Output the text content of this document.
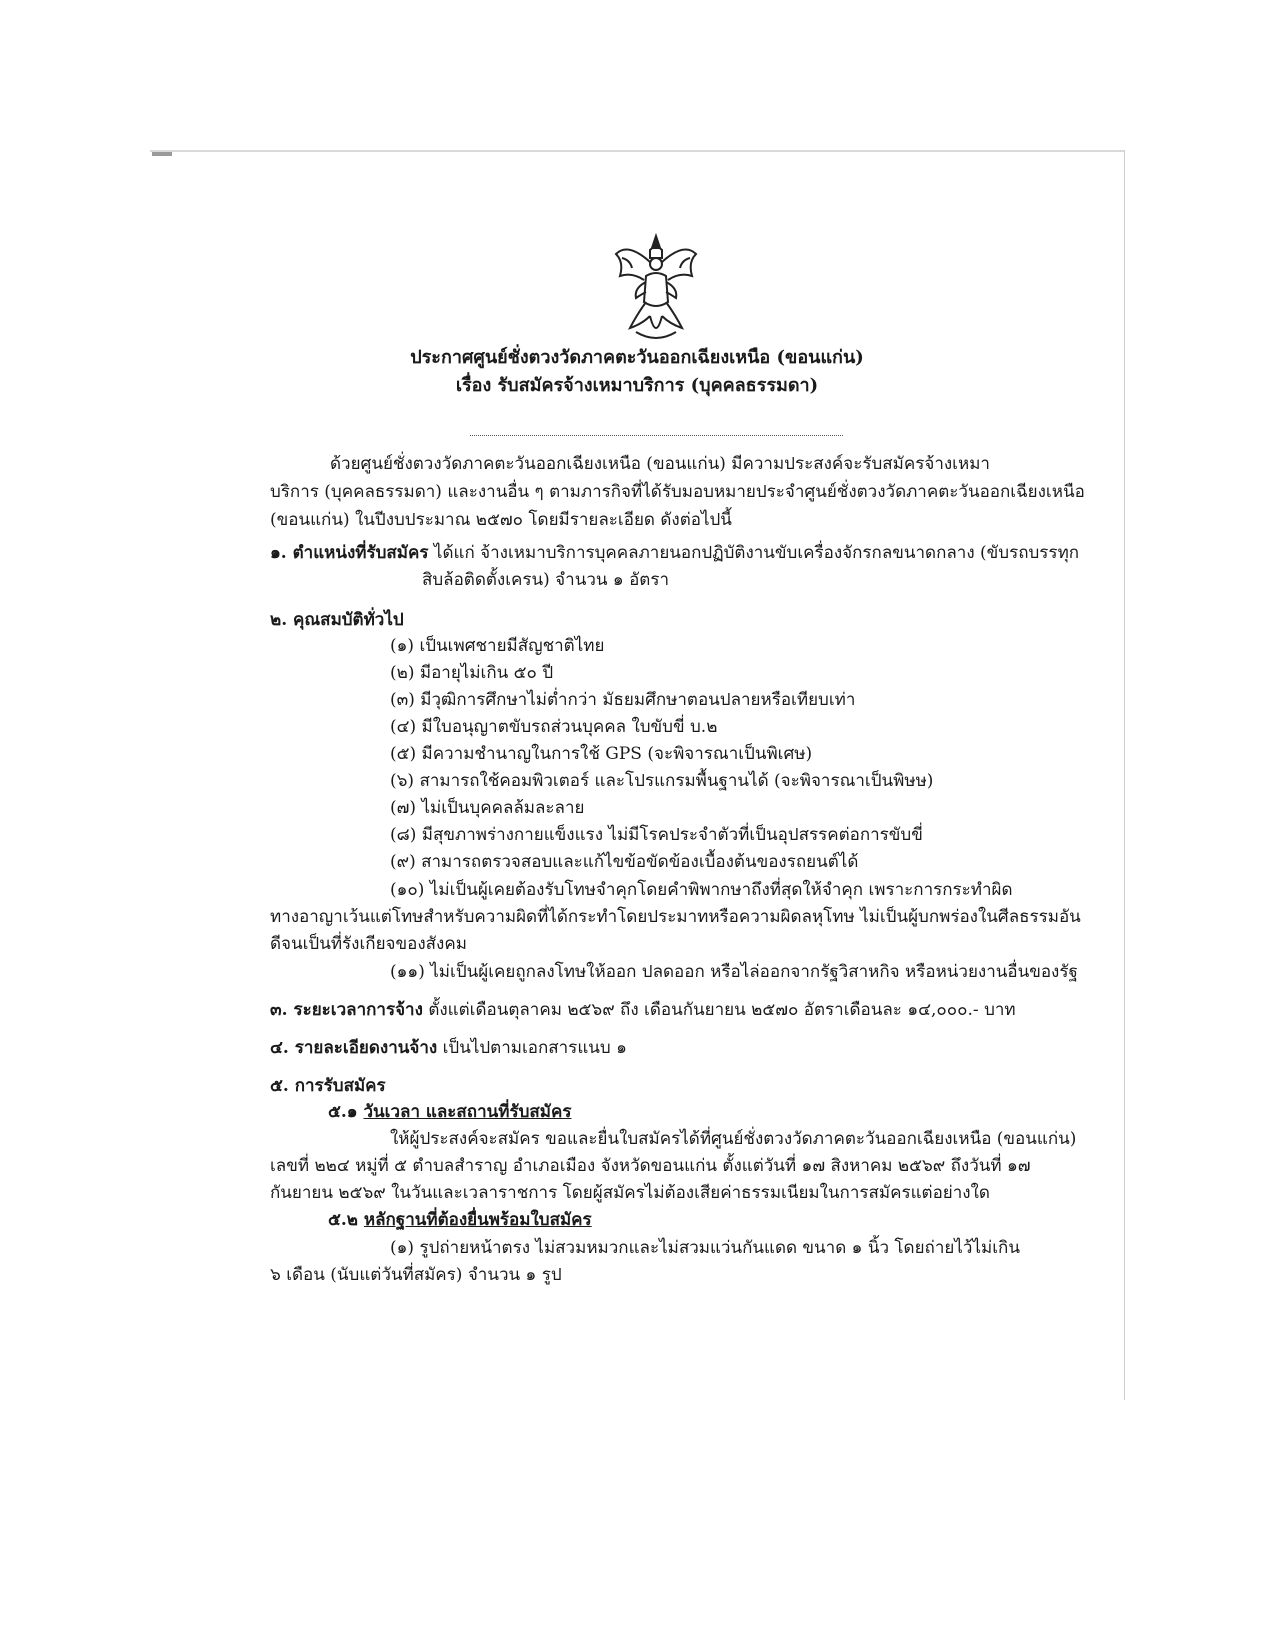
ประกาศศูนย์ชั่งตวงวัดภาคตะวันออกเฉียงเหนือ (ขอนแก่น)
เรื่อง รับสมัครจ้างเหมาบริการ (บุคคลธรรมดา)
ด้วยศูนย์ชั่งตวงวัดภาคตะวันออกเฉียงเหนือ (ขอนแก่น) มีความประสงค์จะรับสมัครจ้างเหมา
บริการ (บุคคลธรรมดา) และงานอื่น ๆ ตามภารกิจที่ได้รับมอบหมายประจำศูนย์ชั่งตวงวัดภาคตะวันออกเฉียงเหนือ
(ขอนแก่น) ในปีงบประมาณ ๒๕๗๐ โดยมีรายละเอียด ดังต่อไปนี้
๑. ตำแหน่งที่รับสมัคร ได้แก่ จ้างเหมาบริการบุคคลภายนอกปฏิบัติงานขับเครื่องจักรกลขนาดกลาง (ขับรถบรรทุก
สิบล้อติดตั้งเครน) จำนวน ๑ อัตรา
๒. คุณสมบัติทั่วไป
(๑) เป็นเพศชายมีสัญชาติไทย
(๒) มีอายุไม่เกิน ๕๐ ปี
(๓) มีวุฒิการศึกษาไม่ต่ำกว่า มัธยมศึกษาตอนปลายหรือเทียบเท่า
(๔) มีใบอนุญาตขับรถส่วนบุคคล ใบขับขี่ บ.๒
(๕) มีความชำนาญในการใช้ GPS (จะพิจารณาเป็นพิเศษ)
(๖) สามารถใช้คอมพิวเตอร์ และโปรแกรมพื้นฐานได้ (จะพิจารณาเป็นพิษษ)
(๗) ไม่เป็นบุคคลล้มละลาย
(๘) มีสุขภาพร่างกายแข็งแรง ไม่มีโรคประจำตัวที่เป็นอุปสรรคต่อการขับขี่
(๙) สามารถตรวจสอบและแก้ไขข้อขัดข้องเบื้องต้นของรถยนต์ได้
(๑๐) ไม่เป็นผู้เคยต้องรับโทษจำคุกโดยคำพิพากษาถึงที่สุดให้จำคุก เพราะการกระทำผิด
ทางอาญาเว้นแต่โทษสำหรับความผิดที่ได้กระทำโดยประมาทหรือความผิดลหุโทษ ไม่เป็นผู้บกพร่องในศีลธรรมอัน
ดีจนเป็นที่รังเกียจของสังคม
(๑๑) ไม่เป็นผู้เคยถูกลงโทษให้ออก ปลดออก หรือไล่ออกจากรัฐวิสาหกิจ หรือหน่วยงานอื่นของรัฐ
๓. ระยะเวลาการจ้าง ตั้งแต่เดือนตุลาคม ๒๕๖๙ ถึง เดือนกันยายน ๒๕๗๐ อัตราเดือนละ ๑๔,๐๐๐.- บาท
๔. รายละเอียดงานจ้าง เป็นไปตามเอกสารแนบ ๑
๕. การรับสมัคร
๕.๑ วันเวลา และสถานที่รับสมัคร
ให้ผู้ประสงค์จะสมัคร ขอและยื่นใบสมัครได้ที่ศูนย์ชั่งตวงวัดภาคตะวันออกเฉียงเหนือ (ขอนแก่น)
เลขที่ ๒๒๔ หมู่ที่ ๕ ตำบลสำราญ อำเภอเมือง จังหวัดขอนแก่น ตั้งแต่วันที่ ๑๗ สิงหาคม ๒๕๖๙ ถึงวันที่ ๑๗
กันยายน ๒๕๖๙ ในวันและเวลาราชการ โดยผู้สมัครไม่ต้องเสียค่าธรรมเนียมในการสมัครแต่อย่างใด
๕.๒ หลักฐานที่ต้องยื่นพร้อมใบสมัคร
(๑) รูปถ่ายหน้าตรง ไม่สวมหมวกและไม่สวมแว่นกันแดด ขนาด ๑ นิ้ว โดยถ่ายไว้ไม่เกิน
๖ เดือน (นับแต่วันที่สมัคร) จำนวน ๑ รูป
